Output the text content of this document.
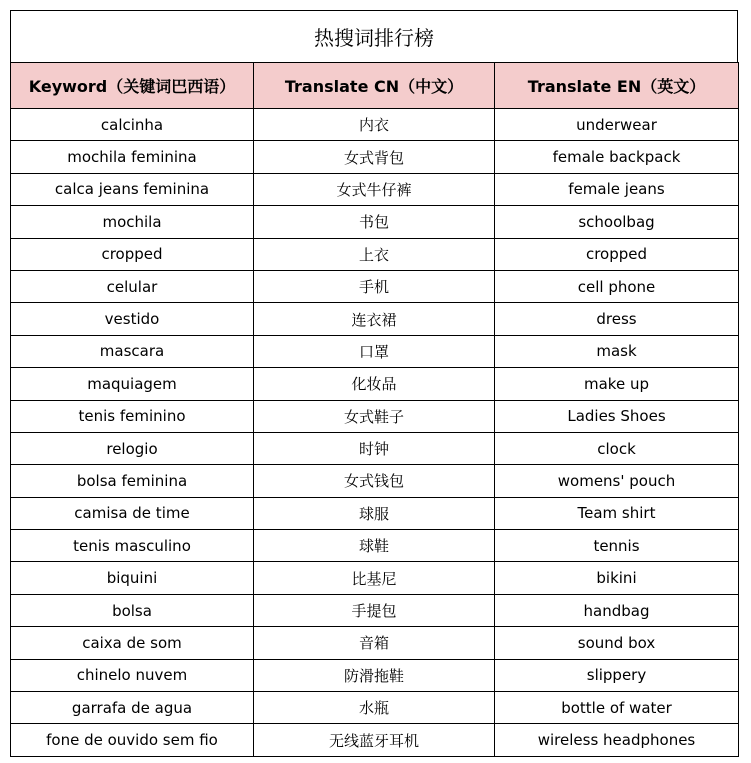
热搜词排行榜
Keyword（关键词巴西语）	Translate CN（中文）	Translate EN（英文）
calcinha	内衣	underwear
mochila feminina	女式背包	female backpack
calca jeans feminina	女式牛仔裤	female jeans
mochila	书包	schoolbag
cropped	上衣	cropped
celular	手机	cell phone
vestido	连衣裙	dress
mascara	口罩	mask
maquiagem	化妆品	make up
tenis feminino	女式鞋子	Ladies Shoes
relogio	时钟	clock
bolsa feminina	女式钱包	womens' pouch
camisa de time	球服	Team shirt
tenis masculino	球鞋	tennis
biquini	比基尼	bikini
bolsa	手提包	handbag
caixa de som	音箱	sound box
chinelo nuvem	防滑拖鞋	slippery
garrafa de agua	水瓶	bottle of water
fone de ouvido sem fio	无线蓝牙耳机	wireless headphones
